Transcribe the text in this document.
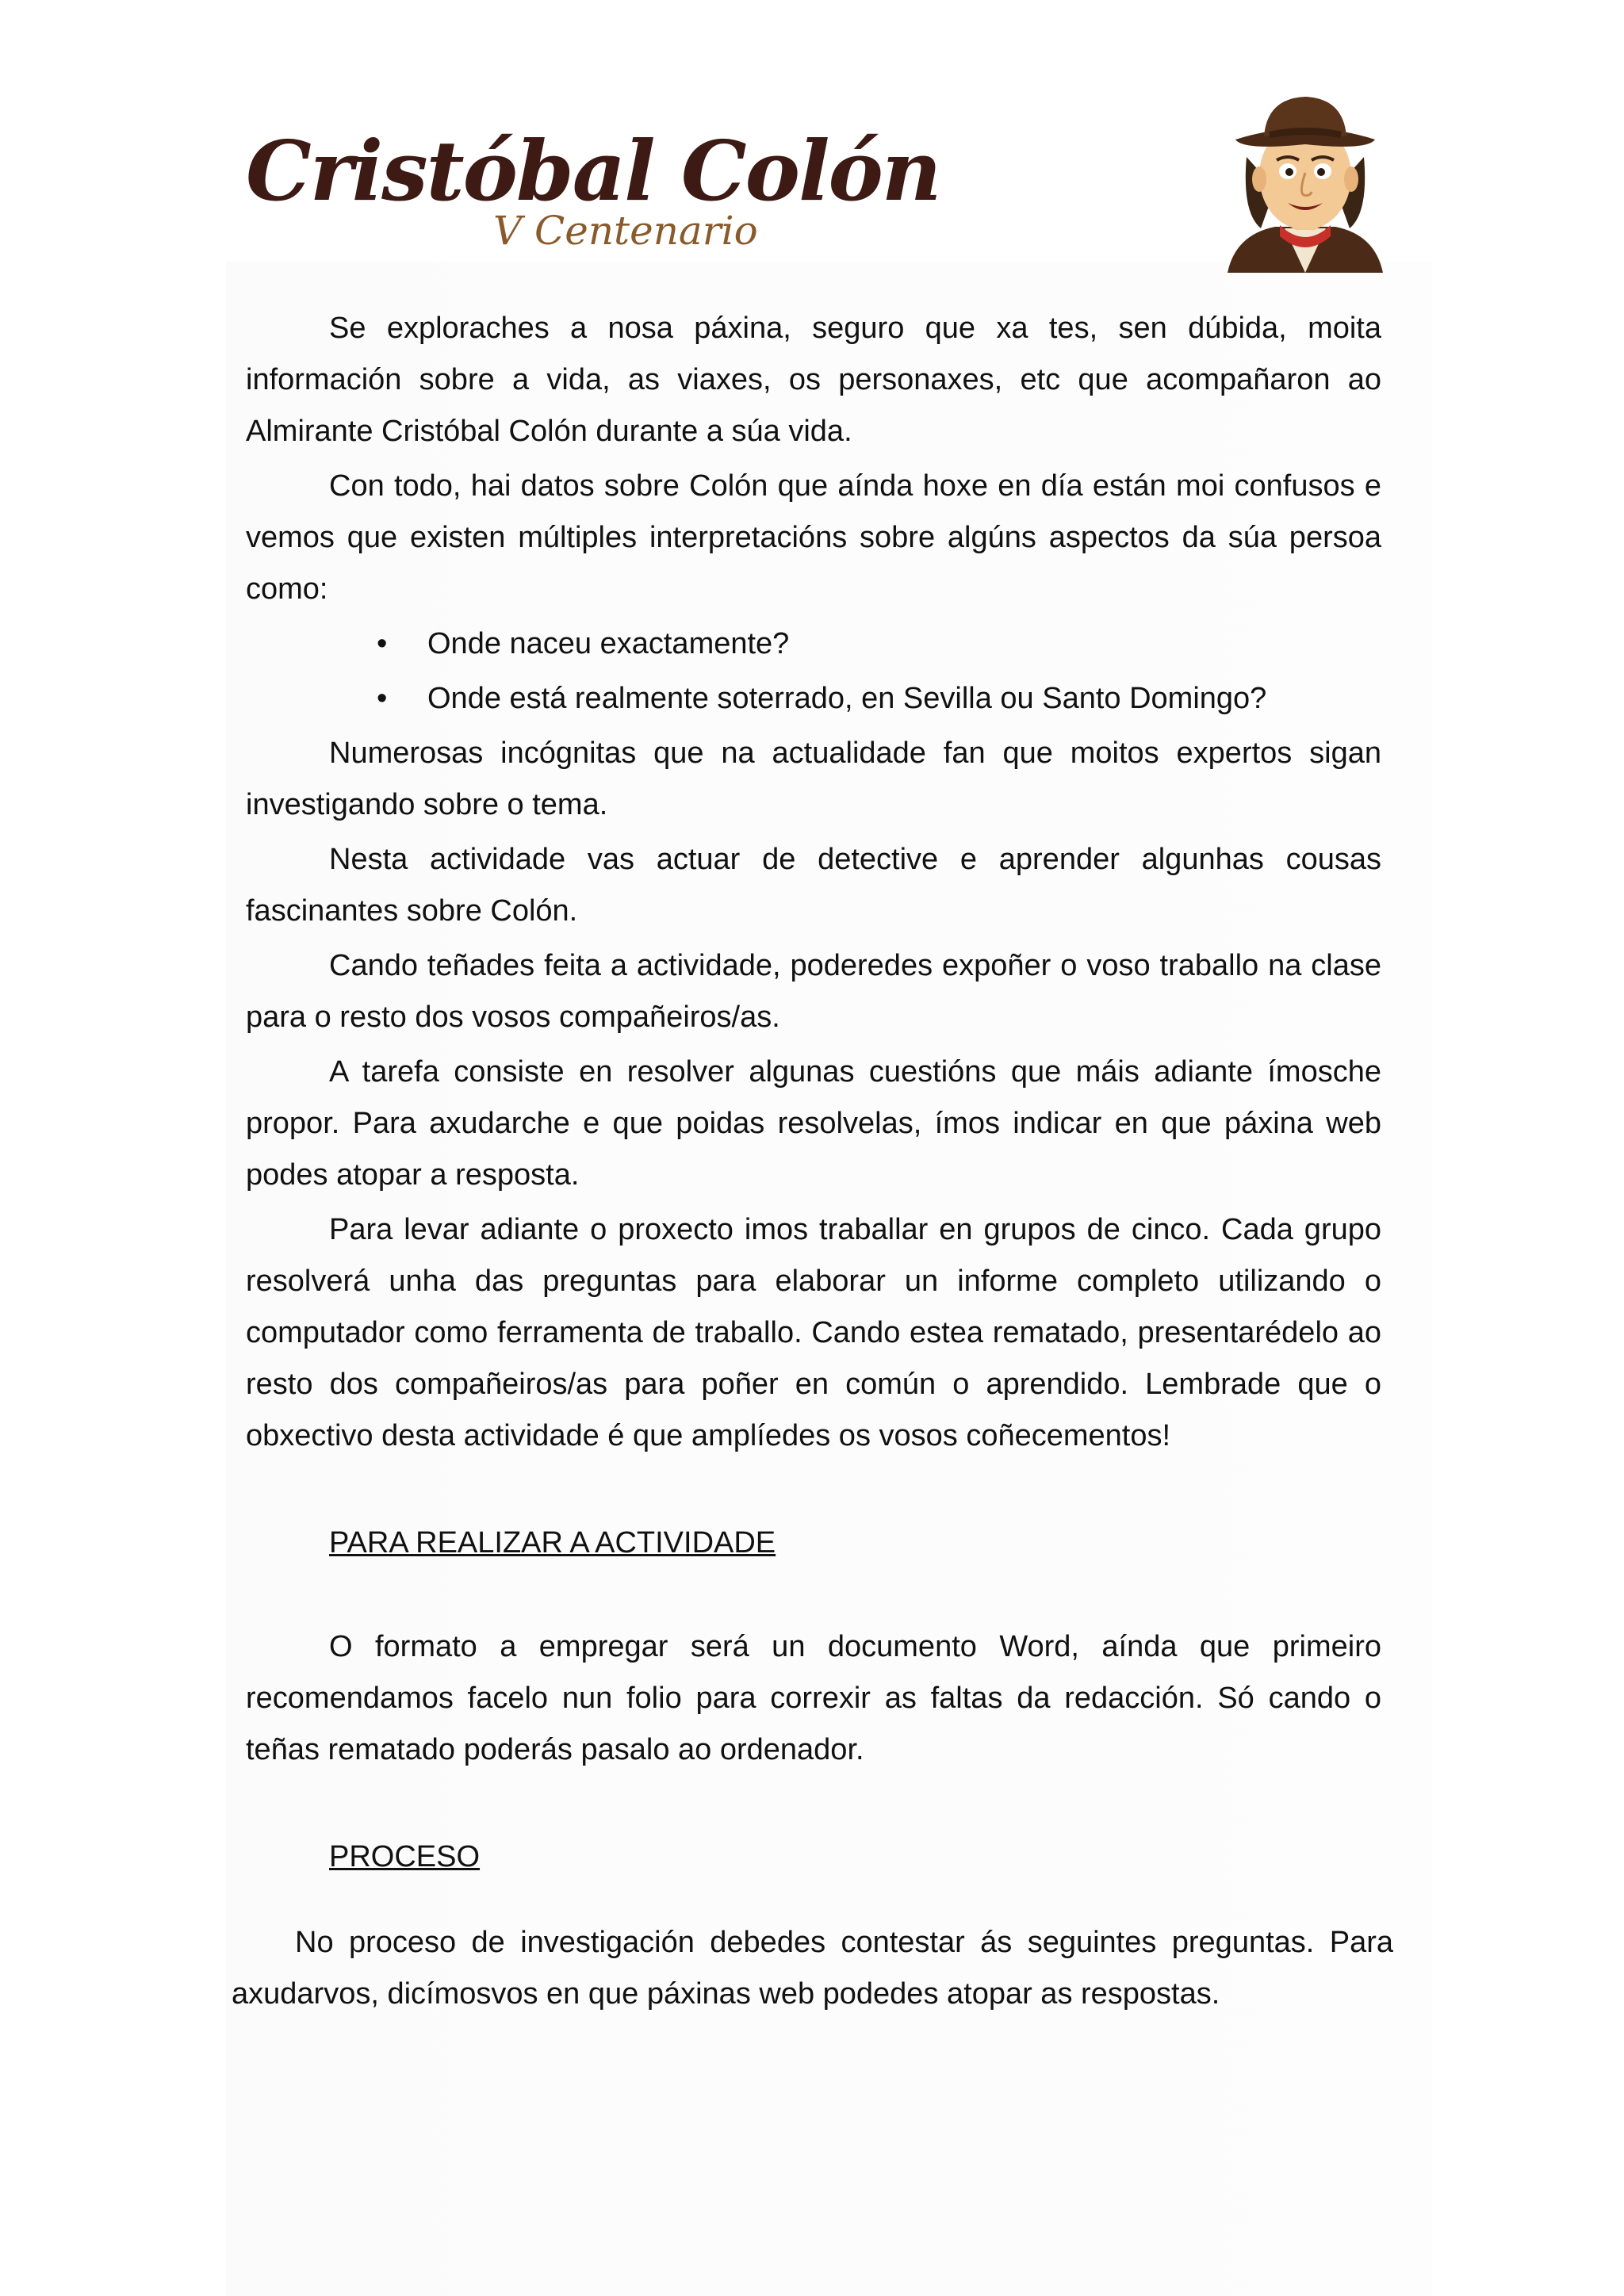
Cristóbal Colón
V Centenario

Se exploraches a nosa páxina, seguro que xa tes, sen dúbida, moita información sobre a vida, as viaxes, os personaxes, etc que acompañaron ao Almirante Cristóbal Colón durante a súa vida.

Con todo, hai datos sobre Colón que aínda hoxe en día están moi confusos e vemos que existen múltiples interpretacións sobre algúns aspectos da súa persoa como:

• Onde naceu exactamente?
• Onde está realmente soterrado, en Sevilla ou Santo Domingo?

Numerosas incógnitas que na actualidade fan que moitos expertos sigan investigando sobre o tema.

Nesta actividade vas actuar de detective e aprender algunhas cousas fascinantes sobre Colón.

Cando teñades feita a actividade, poderedes expoñer o voso traballo na clase para o resto dos vosos compañeiros/as.

A tarefa consiste en resolver algunas cuestións que máis adiante ímosche propor. Para axudarche e que poidas resolvelas, ímos indicar en que páxina web podes atopar a resposta.

Para levar adiante o proxecto imos traballar en grupos de cinco. Cada grupo resolverá unha das preguntas para elaborar un informe completo utilizando o computador como ferramenta de traballo. Cando estea rematado, presentarédelo ao resto dos compañeiros/as para poñer en común o aprendido. Lembrade que o obxectivo desta actividade é que amplíedes os vosos coñecementos!

PARA REALIZAR A ACTIVIDADE

O formato a empregar será un documento Word, aínda que primeiro recomendamos facelo nun folio para correxir as faltas da redacción. Só cando o teñas rematado poderás pasalo ao ordenador.

PROCESO

No proceso de investigación debedes contestar ás seguintes preguntas. Para axudarvos, dicímosvos en que páxinas web podedes atopar as respostas.
